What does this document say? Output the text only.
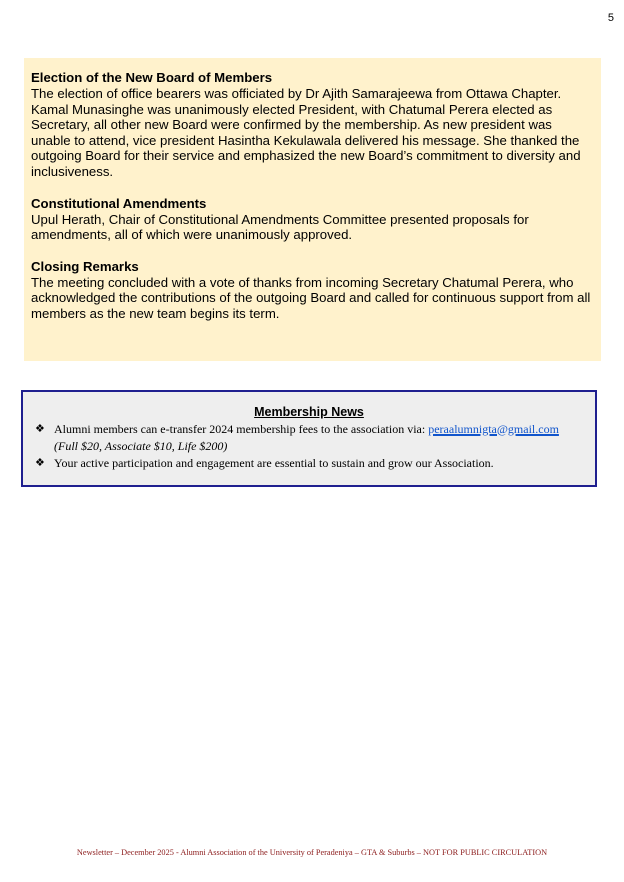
5

Election of the New Board of Members

The election of office bearers was officiated by Dr Ajith Samarajeewa from Ottawa Chapter. Kamal Munasinghe was unanimously elected President, with Chatumal Perera elected as Secretary, all other new Board were confirmed by the membership. As new president was unable to attend, vice president Hasintha Kekulawala delivered his message. She thanked the outgoing Board for their service and emphasized the new Board’s commitment to diversity and inclusiveness.

Constitutional Amendments

Upul Herath, Chair of Constitutional Amendments Committee presented proposals for amendments, all of which were unanimously approved.

Closing Remarks

The meeting concluded with a vote of thanks from incoming Secretary Chatumal Perera, who acknowledged the contributions of the outgoing Board and called for continuous support from all members as the new team begins its term.

Membership News
❖ Alumni members can e-transfer 2024 membership fees to the association via: peraalumnigta@gmail.com
(Full $20, Associate $10, Life $200)
❖ Your active participation and engagement are essential to sustain and grow our Association.
Newsletter – December 2025 - Alumni Association of the University of Peradeniya – GTA & Suburbs – NOT FOR PUBLIC CIRCULATION
